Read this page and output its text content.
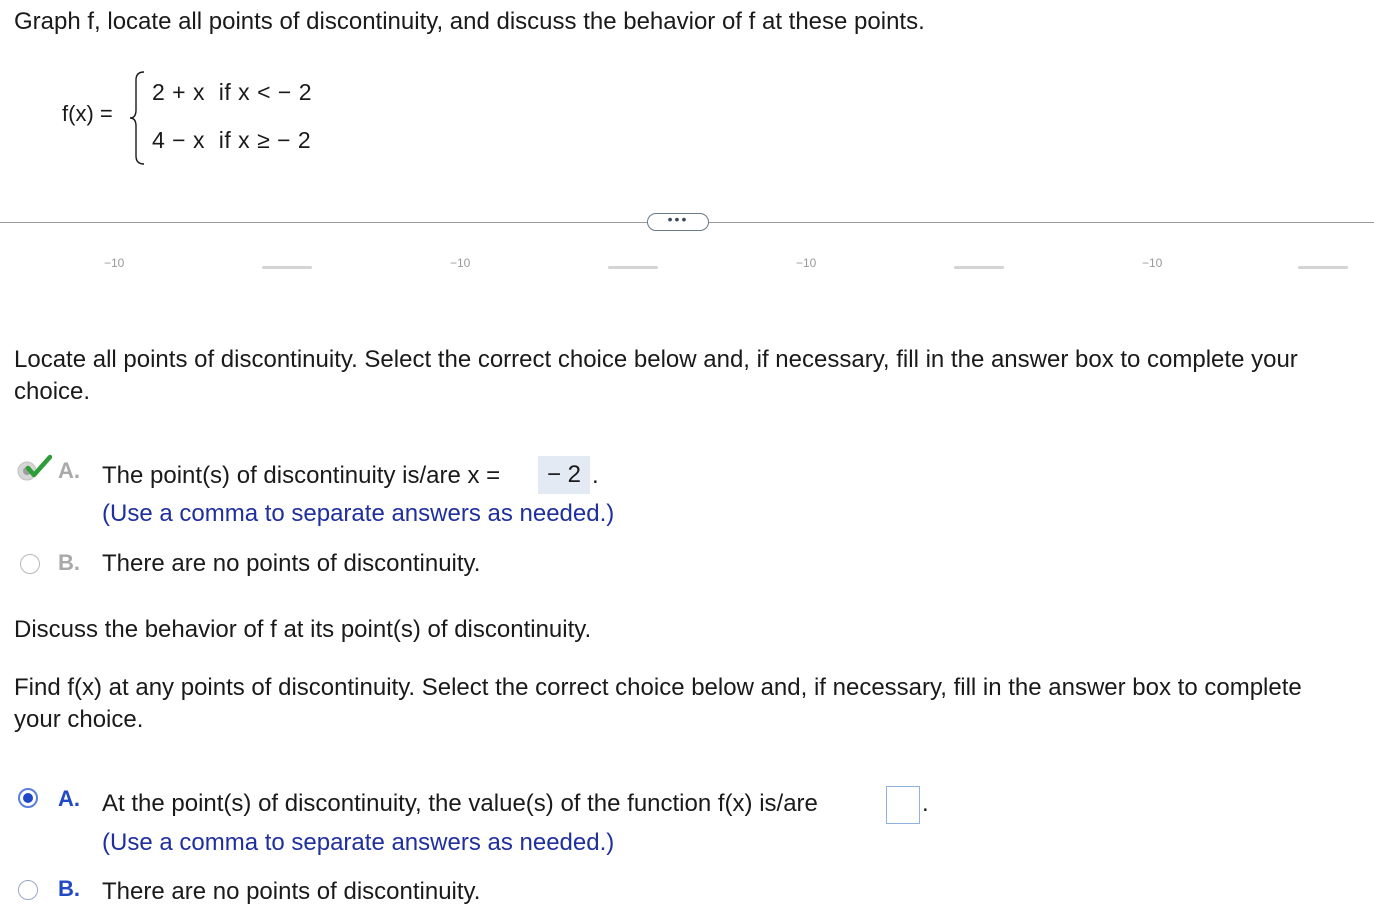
Graph f, locate all points of discontinuity, and discuss the behavior of f at these points.
f(x) =
2 + x if x < − 2
4 − x if x ≥ − 2
•••
−10	−10	−10	−10
Locate all points of discontinuity. Select the correct choice below and, if necessary, fill in the answer box to complete your choice.
A. The point(s) of discontinuity is/are x =	− 2 .
(Use a comma to separate answers as needed.)
B. There are no points of discontinuity.
Discuss the behavior of f at its point(s) of discontinuity.
Find f(x) at any points of discontinuity. Select the correct choice below and, if necessary, fill in the answer box to complete your choice.
A. At the point(s) of discontinuity, the value(s) of the function f(x) is/are	.
(Use a comma to separate answers as needed.)
B. There are no points of discontinuity.
